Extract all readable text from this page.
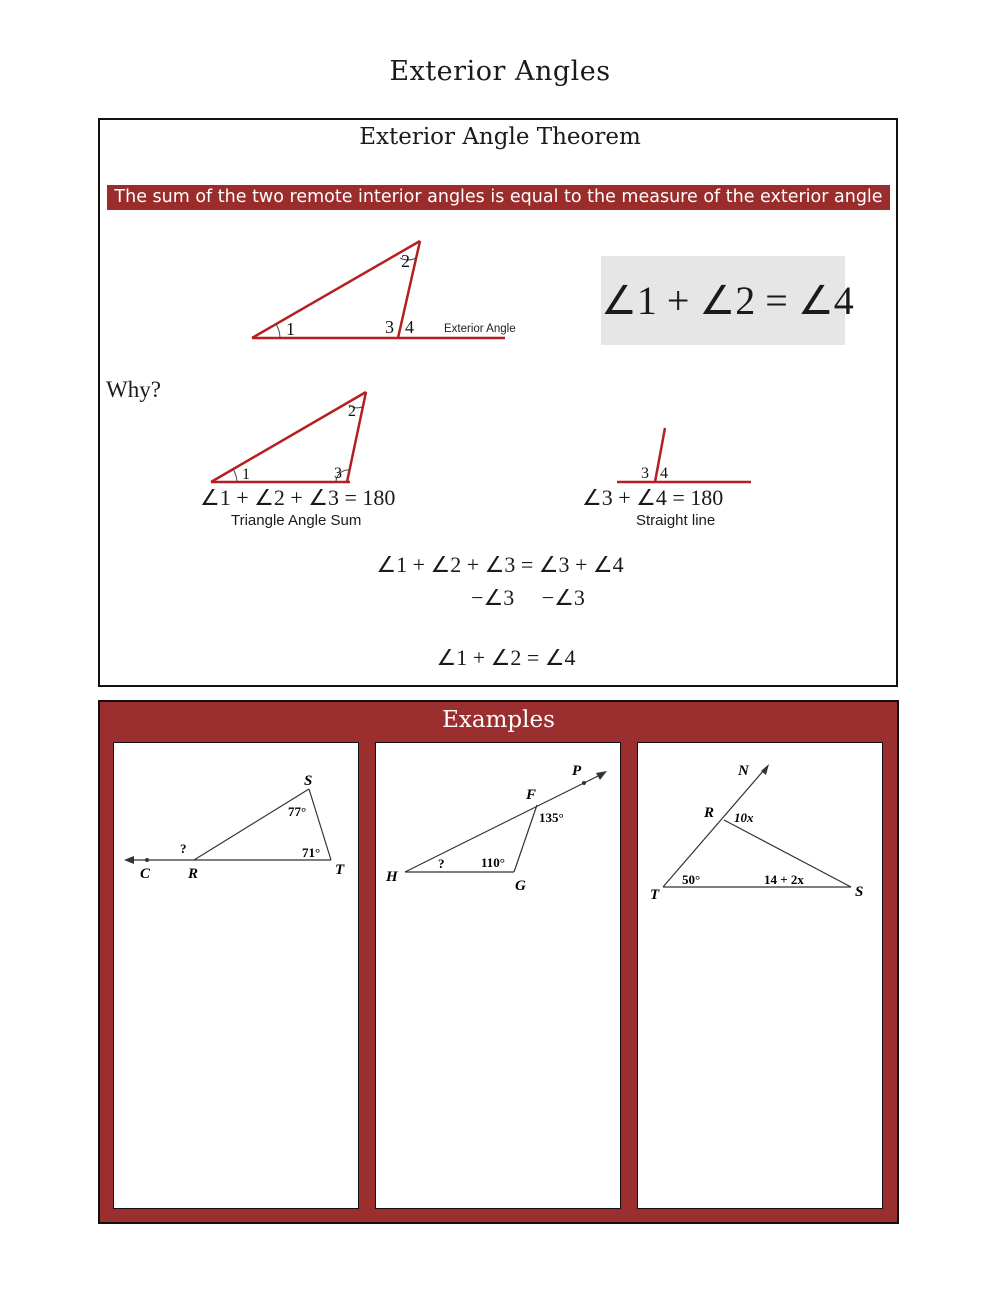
Exterior Angles
Exterior Angle Theorem
The sum of the two remote interior angles is equal to the measure of the exterior angle
1
2
3 4	Exterior Angle
1
2
3	3 4
∠1 + ∠2 = ∠4
Why?
∠1 + ∠2 + ∠3 = 180
Triangle Angle Sum
∠3 + ∠4 = 180
Straight line
∠1 + ∠2 + ∠3 = ∠3 + ∠4
−∠3     −∠3
∠1 + ∠2 = ∠4
Examples
S
77°
71°
?
C	R	T
P
F
135°
110°
?
H
G
N
R 10x
50°	14 + 2x
T	S
